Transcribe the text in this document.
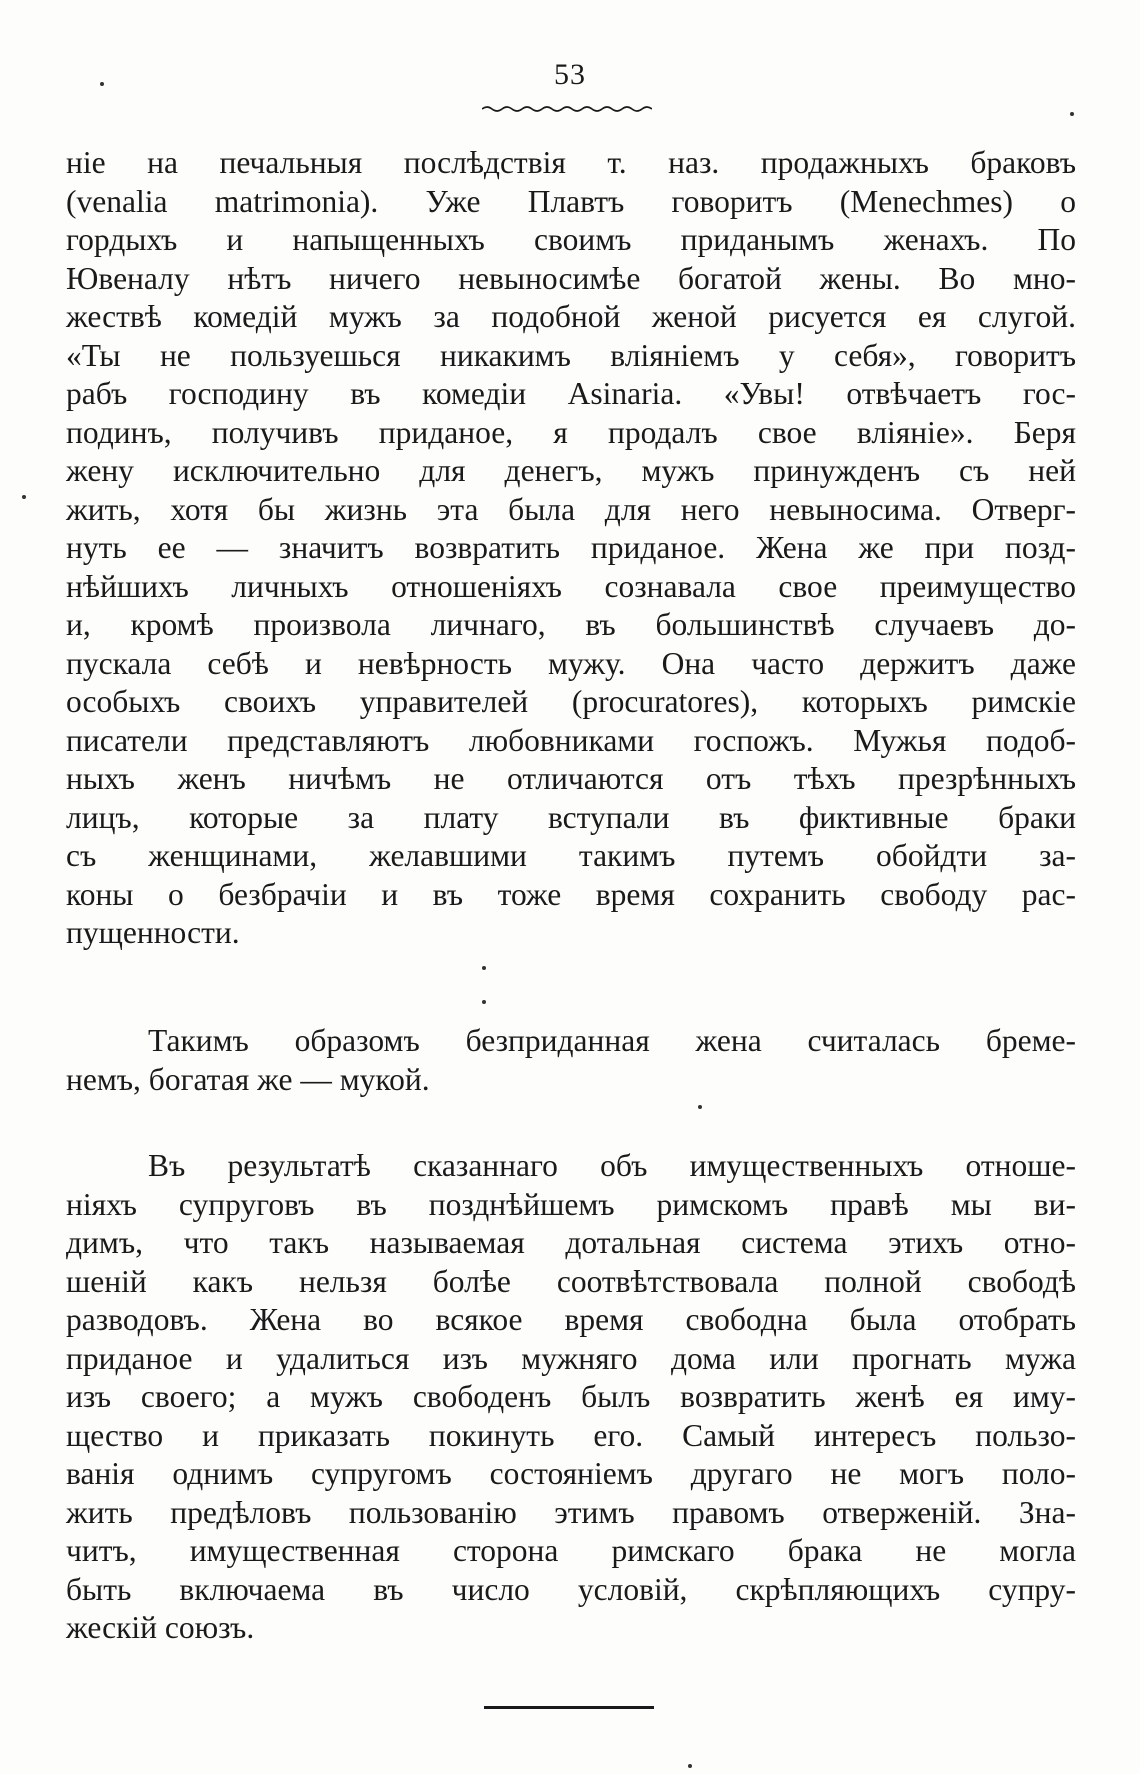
53
ніе на печальныя послѣдствія т. наз. продажныхъ браковъ
(venalia matrimonia). Уже Плавтъ говоритъ (Menechmes) о
гордыхъ и напыщенныхъ своимъ приданымъ женахъ. По
Ювеналу нѣтъ ничего невыносимѣе богатой жены. Во мно-
жествѣ комедій мужъ за подобной женой рисуется ея слугой.
«Ты не пользуешься никакимъ вліяніемъ у себя», говоритъ
рабъ господину въ комедіи Asinaria. «Увы! отвѣчаетъ гос-
подинъ, получивъ приданое, я продалъ свое вліяніе». Беря
жену исключительно для денегъ, мужъ принужденъ съ ней
жить, хотя бы жизнь эта была для него невыносима. Отверг-
нуть ее — значитъ возвратить приданое. Жена же при позд-
нѣйшихъ личныхъ отношеніяхъ сознавала свое преимущество
и, кромѣ произвола личнаго, въ большинствѣ случаевъ до-
пускала себѣ и невѣрность мужу. Она часто держитъ даже
особыхъ своихъ управителей (procuratores), которыхъ римскіе
писатели представляютъ любовниками госпожъ. Мужья подоб-
ныхъ женъ ничѣмъ не отличаются отъ тѣхъ презрѣнныхъ
лицъ, которые за плату вступали въ фиктивные браки
съ женщинами, желавшими такимъ путемъ обойдти за-
коны о безбрачіи и въ тоже время сохранить свободу рас-
пущенности.
Такимъ образомъ безприданная жена считалась бреме-
немъ, богатая же — мукой.
Въ результатѣ сказаннаго объ имущественныхъ отноше-
ніяхъ супруговъ въ позднѣйшемъ римскомъ правѣ мы ви-
димъ, что такъ называемая дотальная система этихъ отно-
шеній какъ нельзя болѣе соотвѣтствовала полной свободѣ
разводовъ. Жена во всякое время свободна была отобрать
приданое и удалиться изъ мужняго дома или прогнать мужа
изъ своего; а мужъ свободенъ былъ возвратить женѣ ея иму-
щество и приказать покинуть его. Самый интересъ пользо-
ванія однимъ супругомъ состояніемъ другаго не могъ поло-
жить предѣловъ пользованію этимъ правомъ отверженій. Зна-
читъ, имущественная сторона римскаго брака не могла
быть включаема въ число условій, скрѣпляющихъ супру-
жескій союзъ.
